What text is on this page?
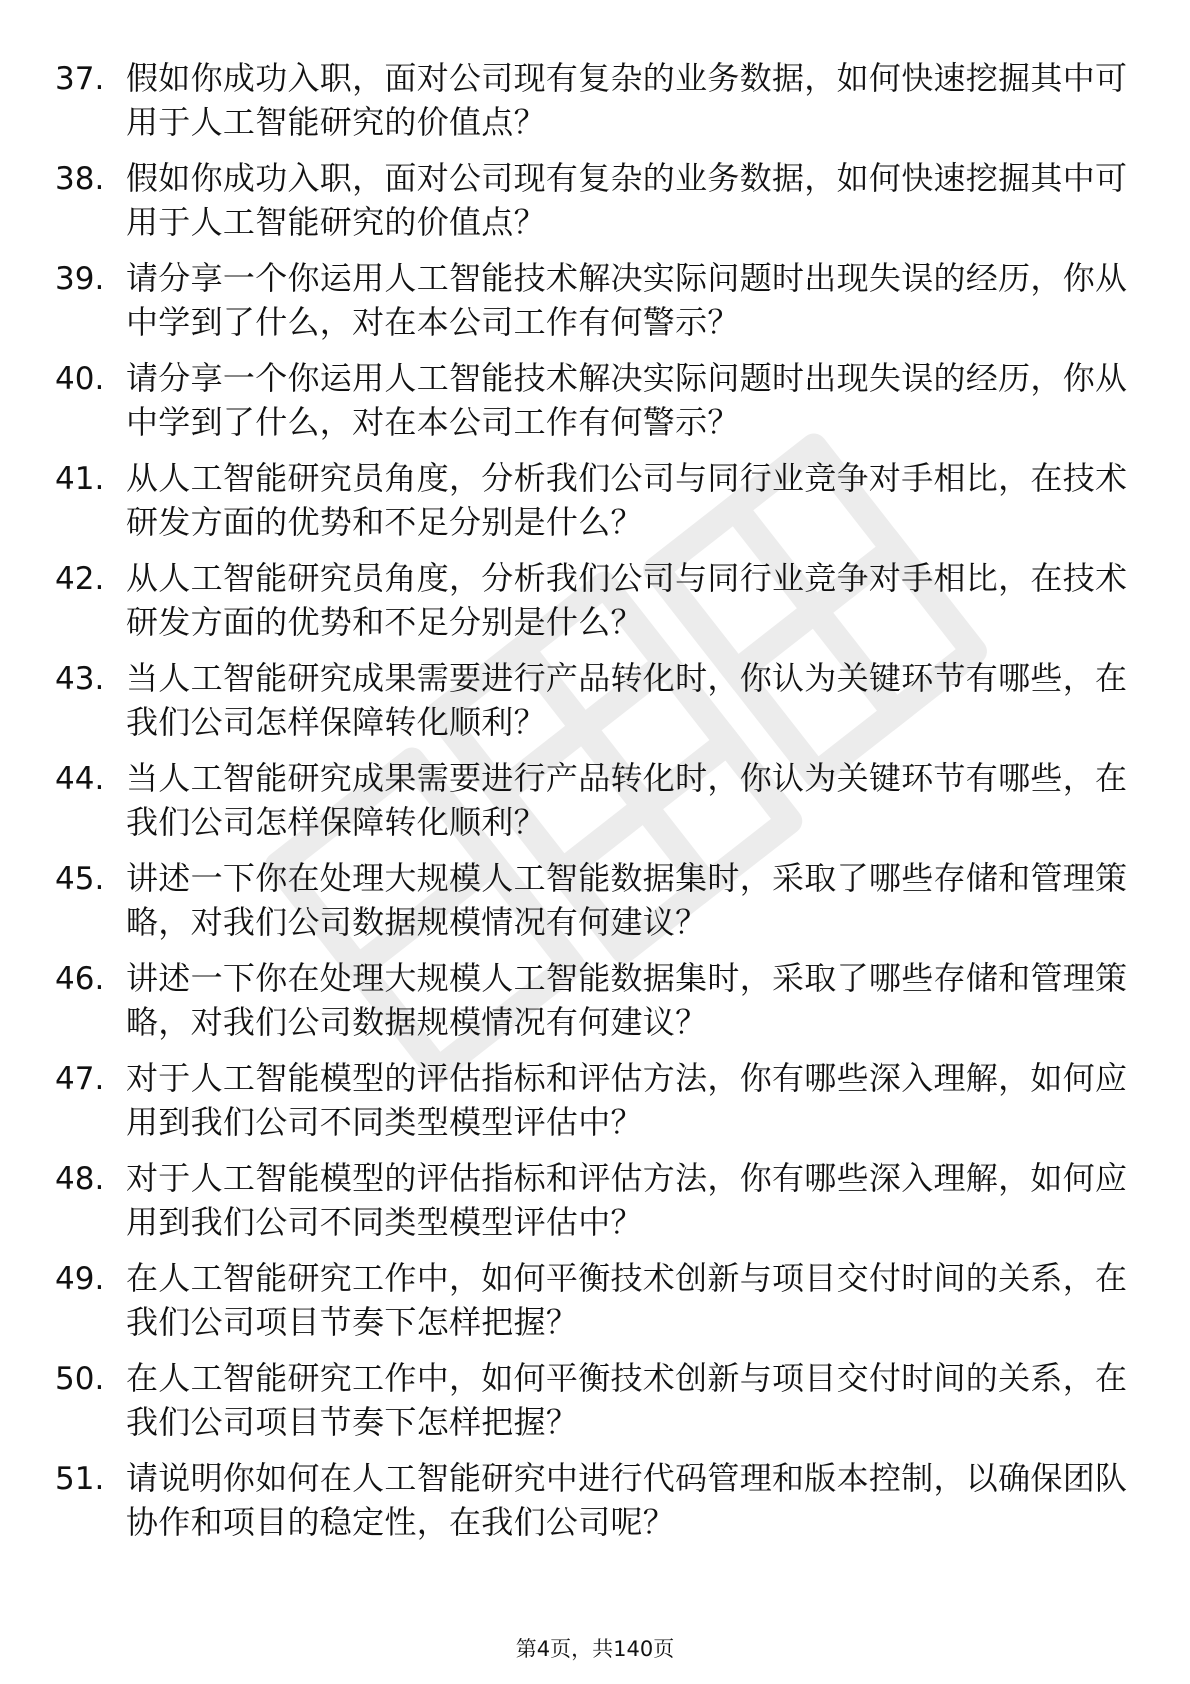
37. 假如你成功入职，面对公司现有复杂的业务数据，如何快速挖掘其中可用于人工智能研究的价值点？
38. 假如你成功入职，面对公司现有复杂的业务数据，如何快速挖掘其中可用于人工智能研究的价值点？
39. 请分享一个你运用人工智能技术解决实际问题时出现失误的经历，你从中学到了什么，对在本公司工作有何警示？
40. 请分享一个你运用人工智能技术解决实际问题时出现失误的经历，你从中学到了什么，对在本公司工作有何警示？
41. 从人工智能研究员角度，分析我们公司与同行业竞争对手相比，在技术研发方面的优势和不足分别是什么？
42. 从人工智能研究员角度，分析我们公司与同行业竞争对手相比，在技术研发方面的优势和不足分别是什么？
43. 当人工智能研究成果需要进行产品转化时，你认为关键环节有哪些，在我们公司怎样保障转化顺利？
44. 当人工智能研究成果需要进行产品转化时，你认为关键环节有哪些，在我们公司怎样保障转化顺利？
45. 讲述一下你在处理大规模人工智能数据集时，采取了哪些存储和管理策略，对我们公司数据规模情况有何建议？
46. 讲述一下你在处理大规模人工智能数据集时，采取了哪些存储和管理策略，对我们公司数据规模情况有何建议？
47. 对于人工智能模型的评估指标和评估方法，你有哪些深入理解，如何应用到我们公司不同类型模型评估中？
48. 对于人工智能模型的评估指标和评估方法，你有哪些深入理解，如何应用到我们公司不同类型模型评估中？
49. 在人工智能研究工作中，如何平衡技术创新与项目交付时间的关系，在我们公司项目节奏下怎样把握？
50. 在人工智能研究工作中，如何平衡技术创新与项目交付时间的关系，在我们公司项目节奏下怎样把握？
51. 请说明你如何在人工智能研究中进行代码管理和版本控制，以确保团队协作和项目的稳定性，在我们公司呢？
第4页，共140页
